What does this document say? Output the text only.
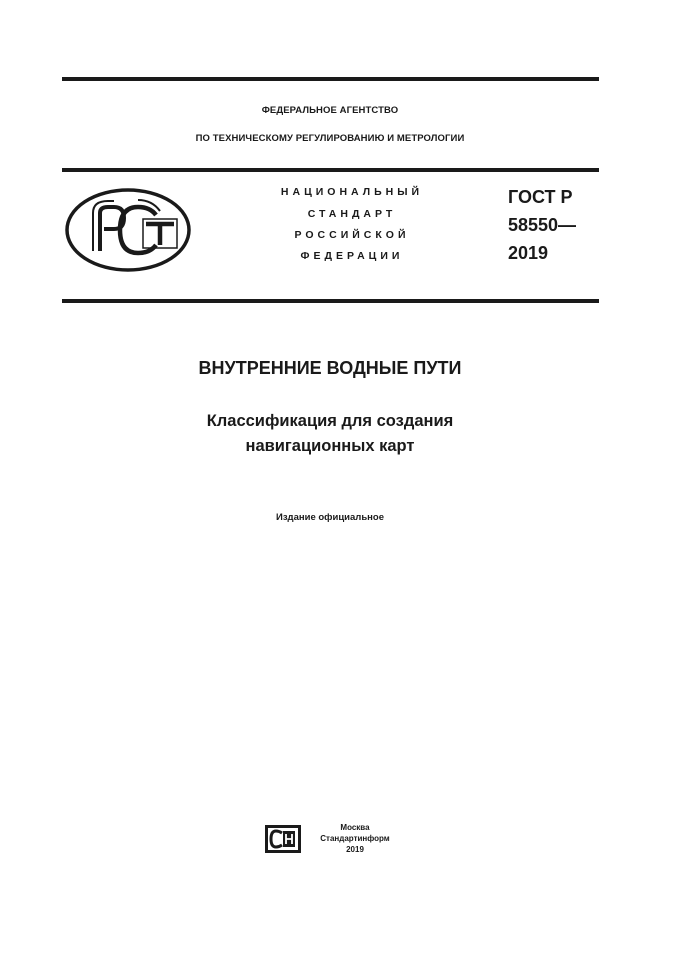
ФЕДЕРАЛЬНОЕ АГЕНТСТВО
ПО ТЕХНИЧЕСКОМУ РЕГУЛИРОВАНИЮ И МЕТРОЛОГИИ
НАЦИОНАЛЬНЫЙ
СТАНДАРТ
РОССИЙСКОЙ
ФЕДЕРАЦИИ
ГОСТ Р
58550—
2019
ВНУТРЕННИЕ ВОДНЫЕ ПУТИ
Классификация для создания
навигационных карт
Издание официальное
Москва
Стандартинформ
2019
